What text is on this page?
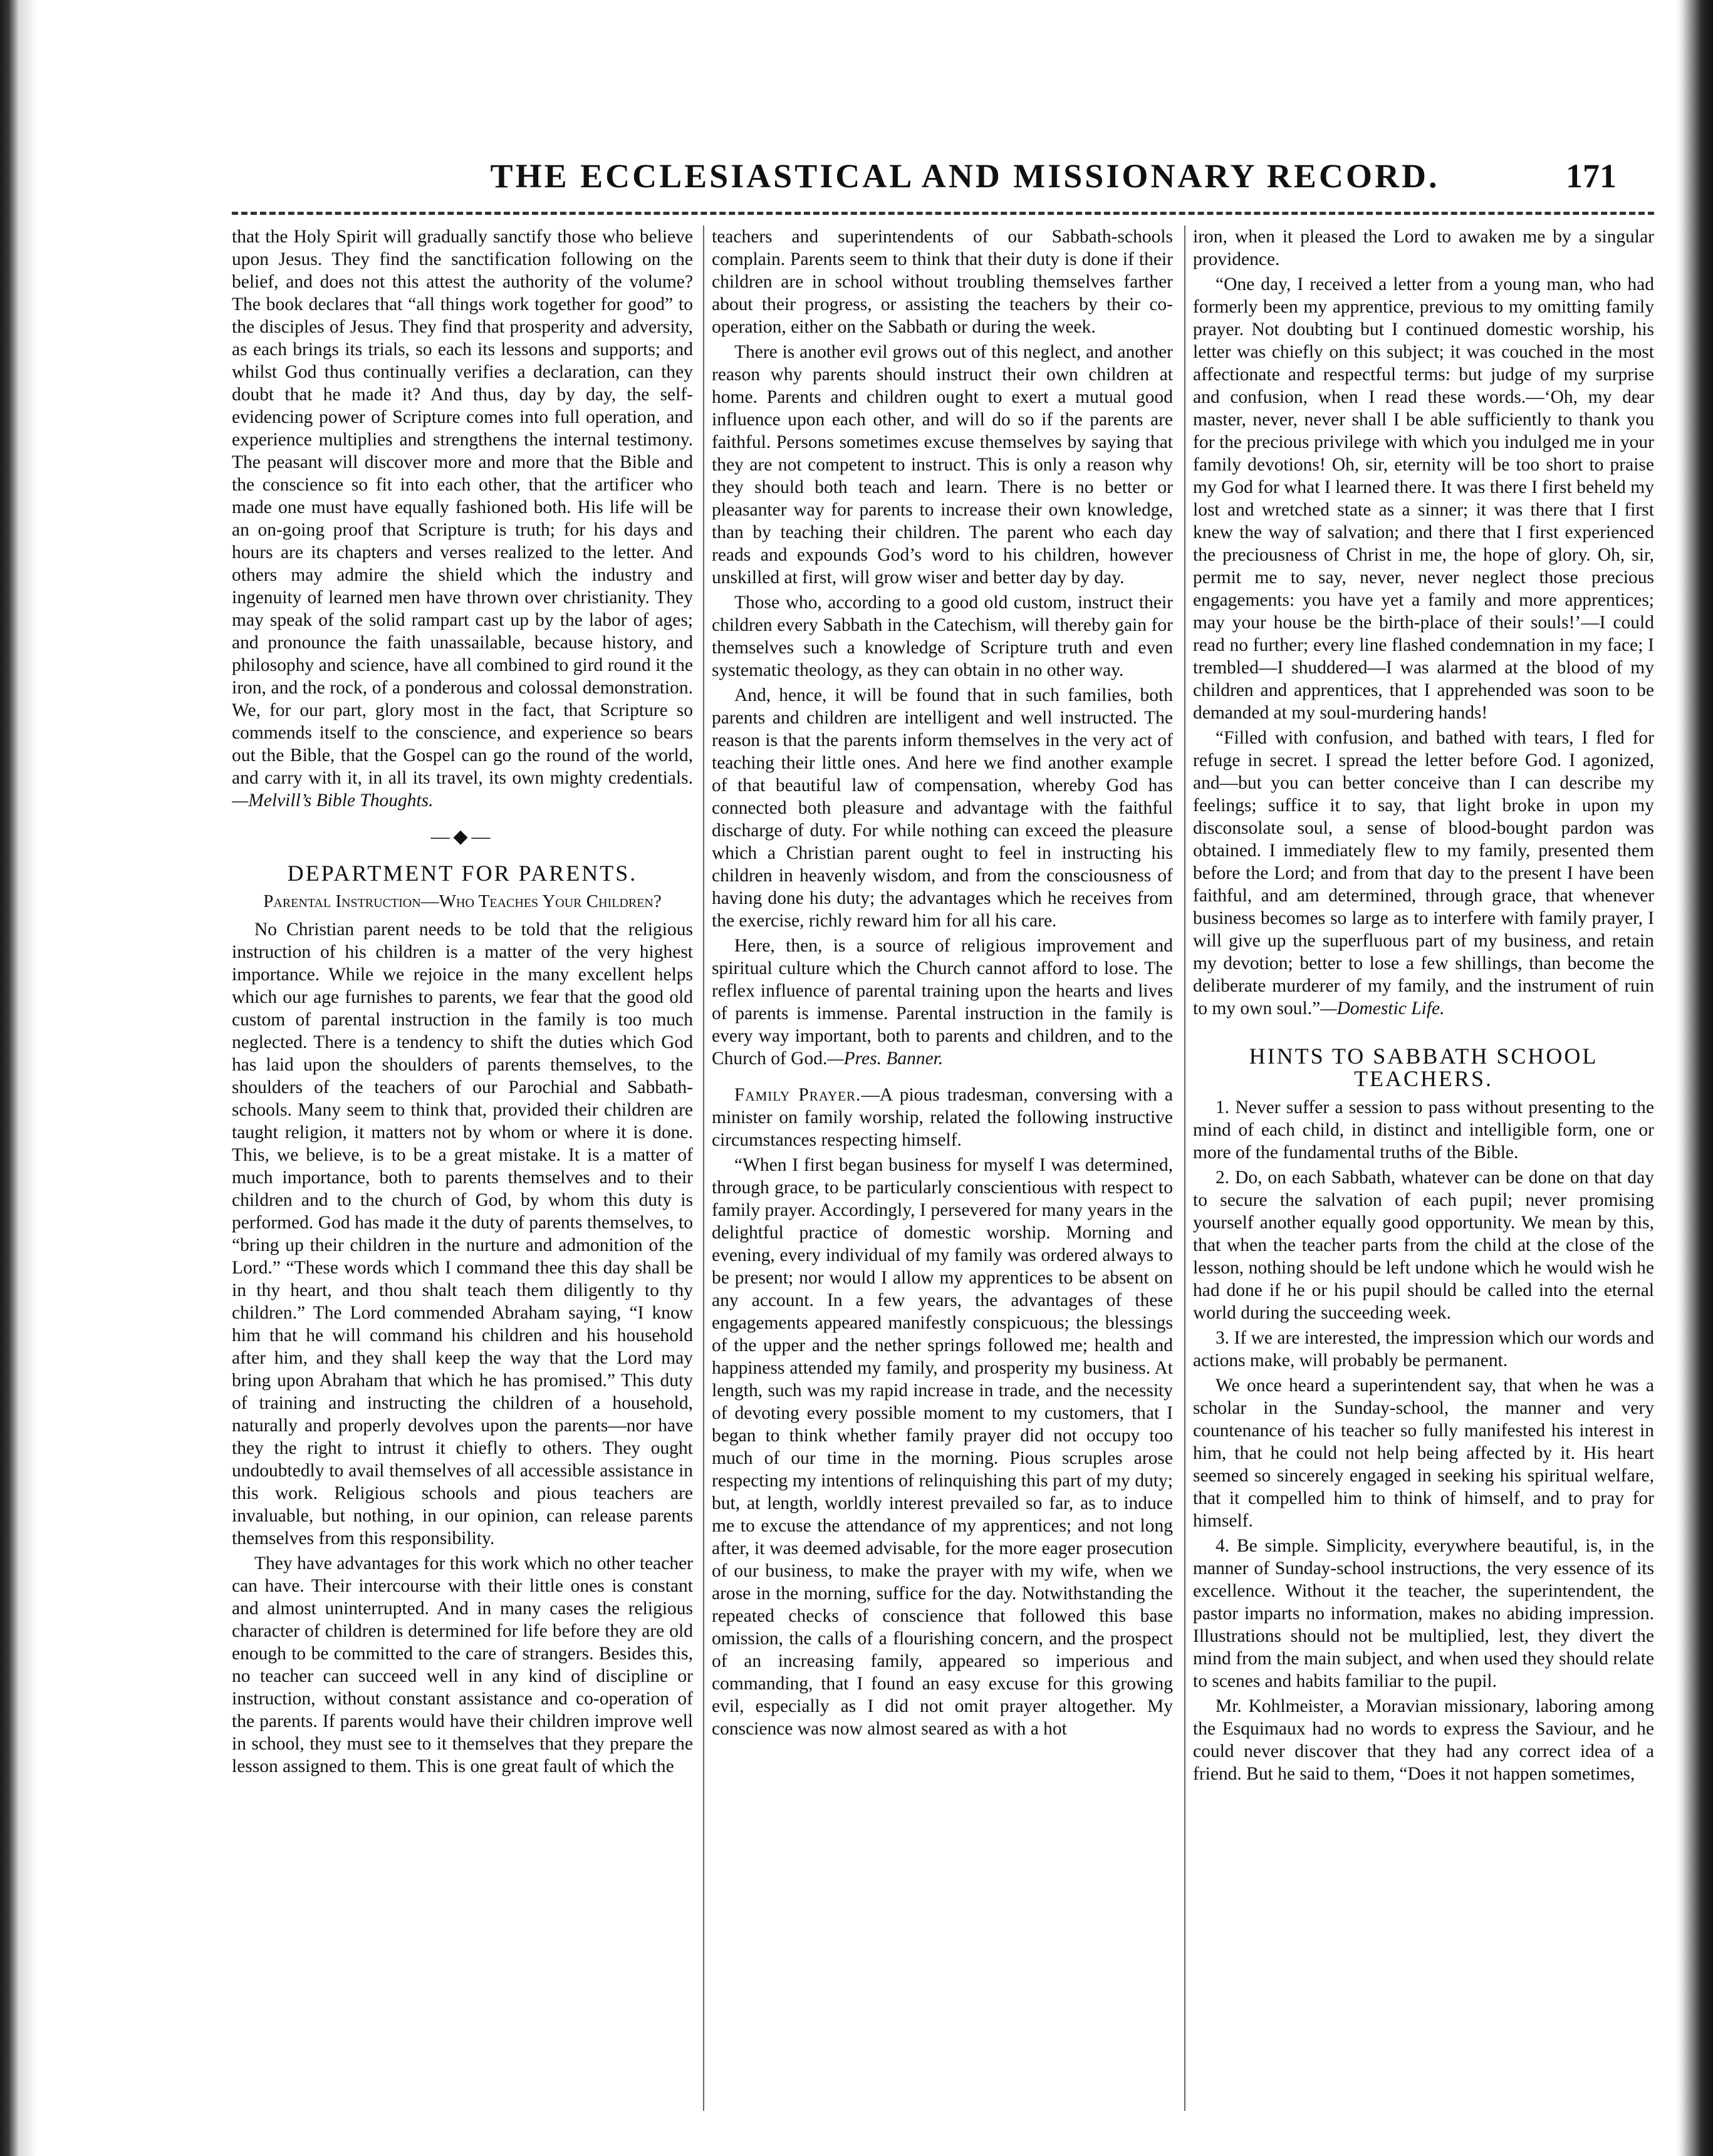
THE ECCLESIASTICAL AND MISSIONARY RECORD.	171

that the Holy Spirit will gradually sanctify those who believe upon Jesus. They find the sanctification following on the belief, and does not this attest the authority of the volume? The book declares that “all things work together for good” to the disciples of Jesus. They find that prosperity and adversity, as each brings its trials, so each its lessons and supports; and whilst God thus continually verifies a declaration, can they doubt that he made it? And thus, day by day, the self-evidencing power of Scripture comes into full operation, and experience multiplies and strengthens the internal testimony. The peasant will discover more and more that the Bible and the conscience so fit into each other, that the artificer who made one must have equally fashioned both. His life will be an on-going proof that Scripture is truth; for his days and hours are its chapters and verses realized to the letter. And others may admire the shield which the industry and ingenuity of learned men have thrown over christianity. They may speak of the solid rampart cast up by the labor of ages; and pronounce the faith unassailable, because history, and philosophy and science, have all combined to gird round it the iron, and the rock, of a ponderous and colossal demonstration. We, for our part, glory most in the fact, that Scripture so commends itself to the conscience, and experience so bears out the Bible, that the Gospel can go the round of the world, and carry with it, in all its travel, its own mighty credentials.—Melvill’s Bible Thoughts.

—◆—
DEPARTMENT FOR PARENTS.
Parental Instruction—Who Teaches Your Children?

No Christian parent needs to be told that the religious instruction of his children is a matter of the very highest importance. While we rejoice in the many excellent helps which our age furnishes to parents, we fear that the good old custom of parental instruction in the family is too much neglected. There is a tendency to shift the duties which God has laid upon the shoulders of parents themselves, to the shoulders of the teachers of our Parochial and Sabbath-schools. Many seem to think that, provided their children are taught religion, it matters not by whom or where it is done. This, we believe, is to be a great mistake. It is a matter of much importance, both to parents themselves and to their children and to the church of God, by whom this duty is performed. God has made it the duty of parents themselves, to “bring up their children in the nurture and admonition of the Lord.” “These words which I command thee this day shall be in thy heart, and thou shalt teach them diligently to thy children.” The Lord commended Abraham saying, “I know him that he will command his children and his household after him, and they shall keep the way that the Lord may bring upon Abraham that which he has promised.” This duty of training and instructing the children of a household, naturally and properly devolves upon the parents—nor have they the right to intrust it chiefly to others. They ought undoubtedly to avail themselves of all accessible assistance in this work. Religious schools and pious teachers are invaluable, but nothing, in our opinion, can release parents themselves from this responsibility.

They have advantages for this work which no other teacher can have. Their intercourse with their little ones is constant and almost uninterrupted. And in many cases the religious character of children is determined for life before they are old enough to be committed to the care of strangers. Besides this, no teacher can succeed well in any kind of discipline or instruction, without constant assistance and co-operation of the parents. If parents would have their children improve well in school, they must see to it themselves that they prepare the lesson assigned to them. This is one great fault of which the

teachers and superintendents of our Sabbath-schools complain. Parents seem to think that their duty is done if their children are in school without troubling themselves farther about their progress, or assisting the teachers by their co-operation, either on the Sabbath or during the week.

There is another evil grows out of this neglect, and another reason why parents should instruct their own children at home. Parents and children ought to exert a mutual good influence upon each other, and will do so if the parents are faithful. Persons sometimes excuse themselves by saying that they are not competent to instruct. This is only a reason why they should both teach and learn. There is no better or pleasanter way for parents to increase their own knowledge, than by teaching their children. The parent who each day reads and expounds God’s word to his children, however unskilled at first, will grow wiser and better day by day.

Those who, according to a good old custom, instruct their children every Sabbath in the Catechism, will thereby gain for themselves such a knowledge of Scripture truth and even systematic theology, as they can obtain in no other way.

And, hence, it will be found that in such families, both parents and children are intelligent and well instructed. The reason is that the parents inform themselves in the very act of teaching their little ones. And here we find another example of that beautiful law of compensation, whereby God has connected both pleasure and advantage with the faithful discharge of duty. For while nothing can exceed the pleasure which a Christian parent ought to feel in instructing his children in heavenly wisdom, and from the consciousness of having done his duty; the advantages which he receives from the exercise, richly reward him for all his care.

Here, then, is a source of religious improvement and spiritual culture which the Church cannot afford to lose. The reflex influence of parental training upon the hearts and lives of parents is immense. Parental instruction in the family is every way important, both to parents and children, and to the Church of God.—Pres. Banner.

Family Prayer.—A pious tradesman, conversing with a minister on family worship, related the following instructive circumstances respecting himself.

“When I first began business for myself I was determined, through grace, to be particularly conscientious with respect to family prayer. Accordingly, I persevered for many years in the delightful practice of domestic worship. Morning and evening, every individual of my family was ordered always to be present; nor would I allow my apprentices to be absent on any account. In a few years, the advantages of these engagements appeared manifestly conspicuous; the blessings of the upper and the nether springs followed me; health and happiness attended my family, and prosperity my business. At length, such was my rapid increase in trade, and the necessity of devoting every possible moment to my customers, that I began to think whether family prayer did not occupy too much of our time in the morning. Pious scruples arose respecting my intentions of relinquishing this part of my duty; but, at length, worldly interest prevailed so far, as to induce me to excuse the attendance of my apprentices; and not long after, it was deemed advisable, for the more eager prosecution of our business, to make the prayer with my wife, when we arose in the morning, suffice for the day. Notwithstanding the repeated checks of conscience that followed this base omission, the calls of a flourishing concern, and the prospect of an increasing family, appeared so imperious and commanding, that I found an easy excuse for this growing evil, especially as I did not omit prayer altogether. My conscience was now almost seared as with a hot

iron, when it pleased the Lord to awaken me by a singular providence.

“One day, I received a letter from a young man, who had formerly been my apprentice, previous to my omitting family prayer. Not doubting but I continued domestic worship, his letter was chiefly on this subject; it was couched in the most affectionate and respectful terms: but judge of my surprise and confusion, when I read these words.—‘Oh, my dear master, never, never shall I be able sufficiently to thank you for the precious privilege with which you indulged me in your family devotions! Oh, sir, eternity will be too short to praise my God for what I learned there. It was there I first beheld my lost and wretched state as a sinner; it was there that I first knew the way of salvation; and there that I first experienced the preciousness of Christ in me, the hope of glory. Oh, sir, permit me to say, never, never neglect those precious engagements: you have yet a family and more apprentices; may your house be the birth-place of their souls!’—I could read no further; every line flashed condemnation in my face; I trembled—I shuddered—I was alarmed at the blood of my children and apprentices, that I apprehended was soon to be demanded at my soul-murdering hands!

“Filled with confusion, and bathed with tears, I fled for refuge in secret. I spread the letter before God. I agonized, and—but you can better conceive than I can describe my feelings; suffice it to say, that light broke in upon my disconsolate soul, a sense of blood-bought pardon was obtained. I immediately flew to my family, presented them before the Lord; and from that day to the present I have been faithful, and am determined, through grace, that whenever business becomes so large as to interfere with family prayer, I will give up the superfluous part of my business, and retain my devotion; better to lose a few shillings, than become the deliberate murderer of my family, and the instrument of ruin to my own soul.”—Domestic Life.

HINTS TO SABBATH SCHOOL
TEACHERS.

1. Never suffer a session to pass without presenting to the mind of each child, in distinct and intelligible form, one or more of the fundamental truths of the Bible.

2. Do, on each Sabbath, whatever can be done on that day to secure the salvation of each pupil; never promising yourself another equally good opportunity. We mean by this, that when the teacher parts from the child at the close of the lesson, nothing should be left undone which he would wish he had done if he or his pupil should be called into the eternal world during the succeeding week.

3. If we are interested, the impression which our words and actions make, will probably be permanent.

We once heard a superintendent say, that when he was a scholar in the Sunday-school, the manner and very countenance of his teacher so fully manifested his interest in him, that he could not help being affected by it. His heart seemed so sincerely engaged in seeking his spiritual welfare, that it compelled him to think of himself, and to pray for himself.

4. Be simple. Simplicity, everywhere beautiful, is, in the manner of Sunday-school instructions, the very essence of its excellence. Without it the teacher, the superintendent, the pastor imparts no information, makes no abiding impression. Illustrations should not be multiplied, lest, they divert the mind from the main subject, and when used they should relate to scenes and habits familiar to the pupil.

Mr. Kohlmeister, a Moravian missionary, laboring among the Esquimaux had no words to express the Saviour, and he could never discover that they had any correct idea of a friend. But he said to them, “Does it not happen sometimes,
